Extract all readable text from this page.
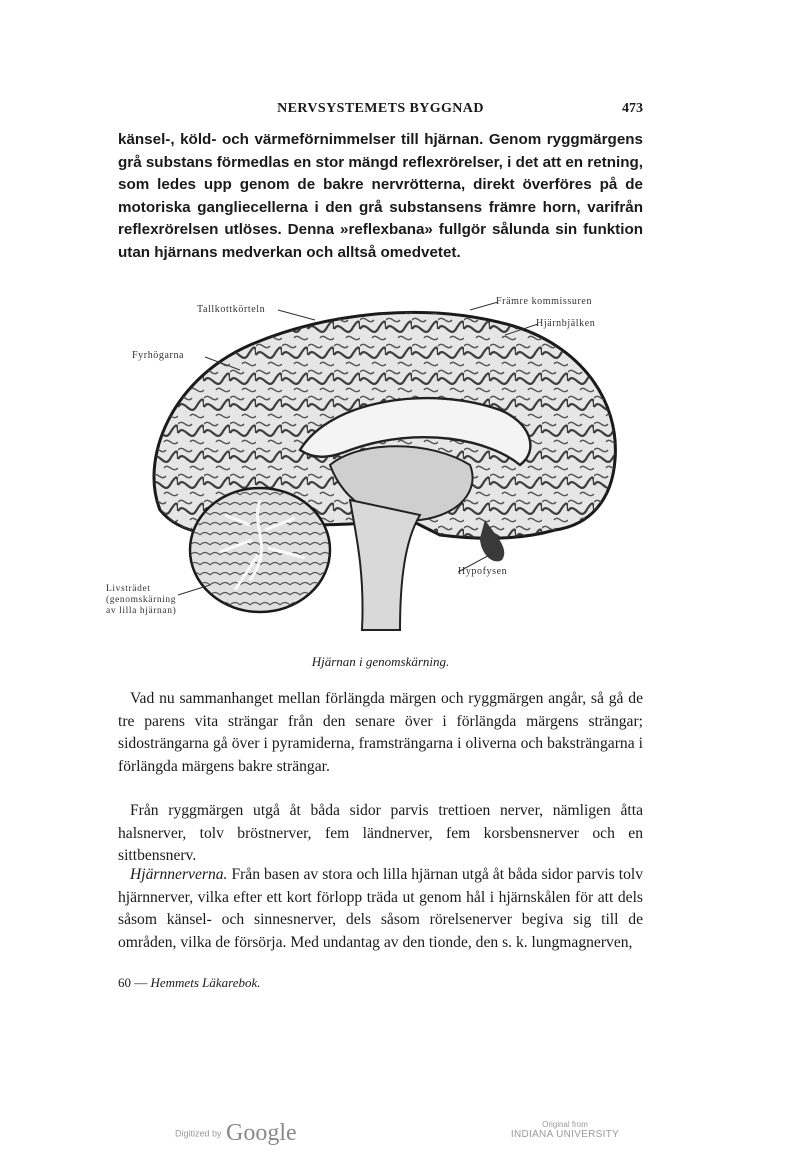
NERVSYSTEMETS BYGGNAD	473

känsel-, köld- och värmeförnimmelser till hjärnan. Genom ryggmärgens grå substans förmedlas en stor mängd reflexrörelser, i det att en retning, som ledes upp genom de bakre nervrötterna, direkt överföres på de motoriska gangliecellerna i den grå substansens främre horn, varifrån reflexrörelsen utlöses. Denna »reflexbana» fullgör sålunda sin funktion utan hjärnans medverkan och alltså omedvetet.

Tallkottkörteln
Fyrhögarna
Främre kommissuren
Hjärnbjälken
Hypofysen
Livsträdet (genomskärning av lilla hjärnan)
Hjärnan i genomskärning.

Vad nu sammanhanget mellan förlängda märgen och ryggmärgen angår, så gå de tre parens vita strängar från den senare över i förlängda märgens strängar; sidosträngarna gå över i pyramiderna, framsträngarna i oliverna och baksträngarna i förlängda märgens bakre strängar.

Från ryggmärgen utgå åt båda sidor parvis trettioen nerver, nämligen åtta halsnerver, tolv bröstnerver, fem ländnerver, fem korsbensnerver och en sittbensnerv.

Hjärnnerverna. Från basen av stora och lilla hjärnan utgå åt båda sidor parvis tolv hjärnnerver, vilka efter ett kort förlopp träda ut genom hål i hjärnskålen för att dels såsom känsel- och sinnesnerver, dels såsom rörelsenerver begiva sig till de områden, vilka de försörja. Med undantag av den tionde, den s. k. lungmagnerven,

60 — Hemmets Läkarebok.
Digitized by Google	Original from
INDIANA UNIVERSITY
